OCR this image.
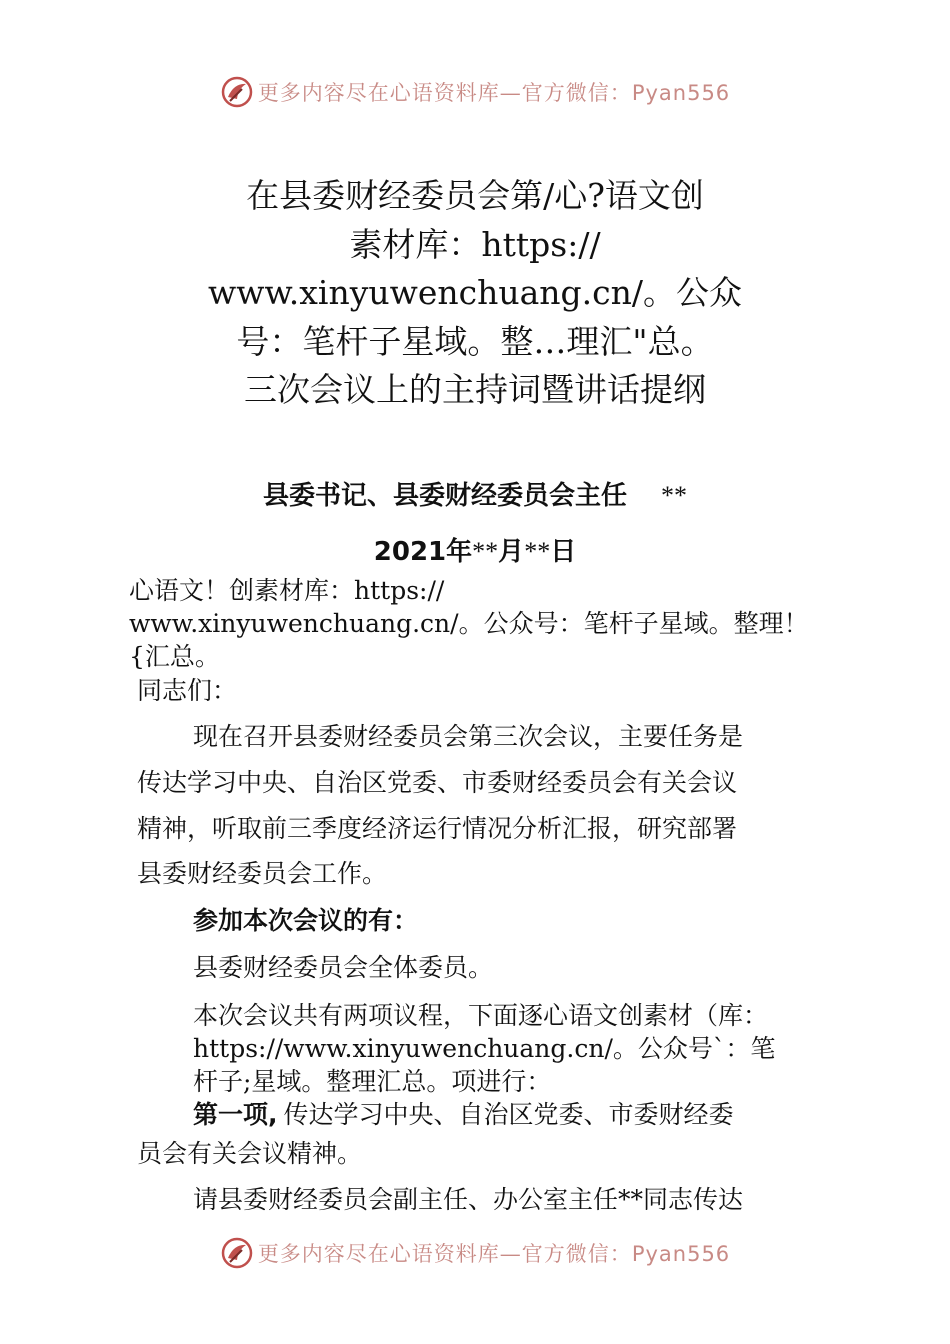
更多内容尽在心语资料库—官方微信：Pyan556
在县委财经委员会第/心?语文创
素材库：https://
www.xinyuwenchuang.cn/。公众
号：笔杆子星域。整…理汇"总。
三次会议上的主持词暨讲话提纲
县委书记、县委财经委员会主任 **
2021年**月**日
心语文！创素材库：https://
www.xinyuwenchuang.cn/。公众号：笔杆子星域。整理！
{汇总。
同志们：
现在召开县委财经委员会第三次会议，主要任务是
传达学习中央、自治区党委、市委财经委员会有关会议
精神，听取前三季度经济运行情况分析汇报，研究部署
县委财经委员会工作。
参加本次会议的有：
县委财经委员会全体委员。
本次会议共有两项议程，下面逐心语文创素材（库：
https://www.xinyuwenchuang.cn/。公众号`：笔
杆子;星域。整理汇总。项进行：
第一项, 传达学习中央、自治区党委、市委财经委
员会有关会议精神。
请县委财经委员会副主任、办公室主任**同志传达
更多内容尽在心语资料库—官方微信：Pyan556
